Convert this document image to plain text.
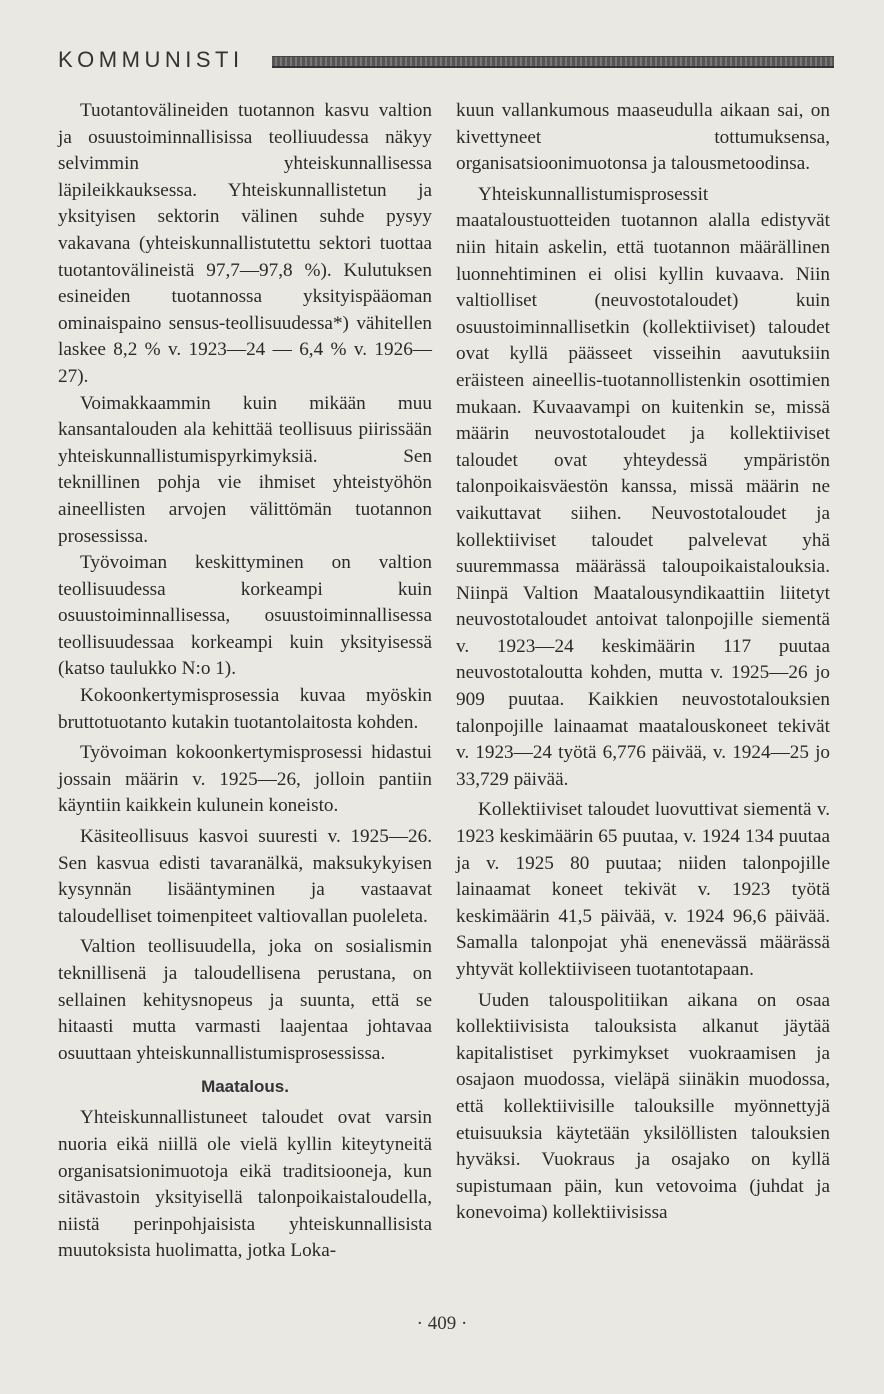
KOMMUNISTI

Tuotantovälineiden tuotannon kasvu valtion ja osuustoiminnallisissa teolliuudessa näkyy selvimmin yhteiskunnallisessa läpileikkauksessa. Yhteiskunnallistetun ja yksityisen sektorin välinen suhde pysyy vakavana (yhteiskunnallistutettu sektori tuottaa tuotantovälineistä 97,7—97,8 %). Kulutuksen esineiden tuotannossa yksityispääoman ominaispaino sensus-teollisuudessa*) vähitellen laskee 8,2 % v. 1923—24 — 6,4 % v. 1926—27).

Voimakkaammin kuin mikään muu kansantalouden ala kehittää teollisuus piirissään yhteiskunnallistumispyrkimyksiä. Sen teknillinen pohja vie ihmiset yhteistyöhön aineellisten arvojen välittömän tuotannon prosessissa.

Työvoiman keskittyminen on valtion teollisuudessa korkeampi kuin osuustoiminnallisessa, osuustoiminnallisessa teollisuudessaa korkeampi kuin yksityisessä (katso taulukko N:o 1).

Kokoonkertymisprosessia kuvaa myöskin bruttotuotanto kutakin tuotantolaitosta kohden.

Työvoiman kokoonkertymisprosessi hidastui jossain määrin v. 1925—26, jolloin pantiin käyntiin kaikkein kulunein koneisto.

Käsiteollisuus kasvoi suuresti v. 1925—26. Sen kasvua edisti tavaranälkä, maksukykyisen kysynnän lisääntyminen ja vastaavat taloudelliset toimenpiteet valtiovallan puoleleta.

Valtion teollisuudella, joka on sosialismin teknillisenä ja taloudellisena perustana, on sellainen kehitysnopeus ja suunta, että se hitaasti mutta varmasti laajentaa johtavaa osuuttaan yhteiskunnallistumisprosessissa.

Maatalous.

Yhteiskunnallistuneet taloudet ovat varsin nuoria eikä niillä ole vielä kyllin kiteytyneitä organisatsionimuotoja eikä traditsiooneja, kun sitävastoin yksityisellä talonpoikaistaloudella, niistä perinpohjaisista yhteiskunnallisista muutoksista huolimatta, jotka Loka-

kuun vallankumous maaseudulla aikaan sai, on kivettyneet tottumuksensa, organisatsioonimuotonsa ja talousmetoodinsa.

Yhteiskunnallistumisprosessit maataloustuotteiden tuotannon alalla edistyvät niin hitain askelin, että tuotannon määrällinen luonnehtiminen ei olisi kyllin kuvaava. Niin valtiolliset (neuvostotaloudet) kuin osuustoiminnallisetkin (kollektiiviset) taloudet ovat kyllä päässeet visseihin aavutuksiin eräisteen aineellis-tuotannollistenkin osottimien mukaan. Kuvaavampi on kuitenkin se, missä määrin neuvostotaloudet ja kollektiiviset taloudet ovat yhteydessä ympäristön talonpoikaisväestön kanssa, missä määrin ne vaikuttavat siihen. Neuvostotaloudet ja kollektiiviset taloudet palvelevat yhä suuremmassa määrässä taloupoikaistalouksia. Niinpä Valtion Maatalousyndikaattiin liitetyt neuvostotaloudet antoivat talonpojille siementä v. 1923—24 keskimäärin 117 puutaa neuvostotaloutta kohden, mutta v. 1925—26 jo 909 puutaa. Kaikkien neuvostotalouksien talonpojille lainaamat maatalouskoneet tekivät v. 1923—24 työtä 6,776 päivää, v. 1924—25 jo 33,729 päivää.

Kollektiiviset taloudet luovuttivat siementä v. 1923 keskimäärin 65 puutaa, v. 1924 134 puutaa ja v. 1925 80 puutaa; niiden talonpojille lainaamat koneet tekivät v. 1923 työtä keskimäärin 41,5 päivää, v. 1924 96,6 päivää. Samalla talonpojat yhä enenevässä määrässä yhtyvät kollektiiviseen tuotantotapaan.

Uuden talouspolitiikan aikana on osaa kollektiivisista talouksista alkanut jäytää kapitalistiset pyrkimykset vuokraamisen ja osajaon muodossa, vieläpä siinäkin muodossa, että kollektiivisille talouksille myönnettyjä etuisuuksia käytetään yksilöllisten talouksien hyväksi. Vuokraus ja osajako on kyllä supistumaan päin, kun vetovoima (juhdat ja konevoima) kollektiivisissa

· 409 ·
